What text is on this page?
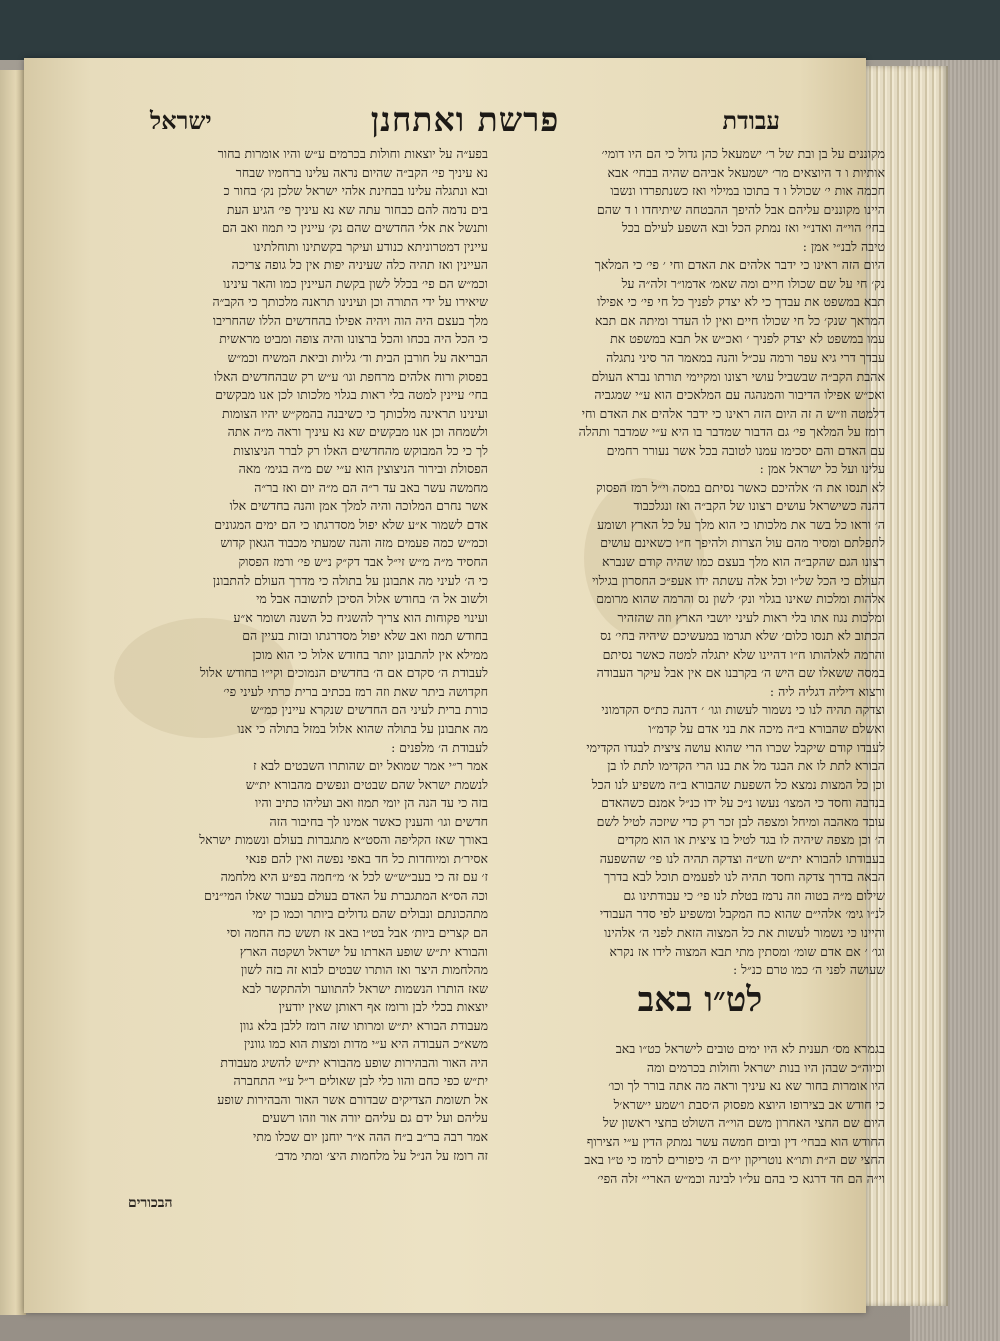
עבודת
פרשת ואתחנן
ישראל
מקוננים על בן ובת של ר׳ ישמעאל כהן גדול כי הם היו דומי׳
אותיות ו ד היוצאים מר׳ ישמעאל אביהם שהיה בבחי׳ אבא
חכמה אות י׳ שכולל ו ד בתוכו במילוי ואז כשנתפרדו ונשבו
היינו מקוננים עליהם אבל להיפך ההבטחה שיתיחדו ו ד שהם
בחי׳ הוי״ה ואדנ״י ואז נמתק הכל ובא השפע לעילם בכל
טיבה לבנ״י אמן :
היום הזה ראינו כי ידבר אלהים את האדם וחי ׳ פי׳ כי המלאך
נק׳ חי על שם שכולו חיים ומה שאמ׳ אדמו״ר זלה״ה על
תבא במשפט את עבדך כי לא יצדק לפניך כל חי פי׳ כי אפילו
המראך שנק׳ כל חי שכולו חיים ואין לו העדר ומיתה אם תבא
עמו במשפט לא יצדק לפניך ׳ ואכ״ש אל תבא במשפט את
עבדך דרי גיא עפר ורמה עכ״ל והנה במאמר הר סיני נתגלה
אהבת הקב״ה שבשביל עושי רצונו ומקיימי תורתו נברא העולם
ואכ״ש אפילו הדיבור והמנהגה עם המלאכים הוא ע״י שמגביה
דלמטה וז״ש ה זה היום הזה ראינו כי ידבר אלהים את האדם וחי
רומז על המלאך פי׳ גם הדבור שמדבר בו היא ע״י שמדבר ותהלה
עם האדם והם יסכימו עמנו לטובה בכל אשר נעורר רחמים
עלינו ועל כל ישראל אמן :
לא תנסו את ה׳ אלהיכם כאשר נסיתם במסה וי״ל רמז הפסוק
דהנה כשישראל עושים רצונו של הקב״ה ואז ונגלכבוד
ה׳ וראו כל בשר את מלכותו כי הוא מלך על כל הארץ ושומע
לתפלתם ומסיר מהם עול הצרות ולהיפך ח״ו כשאינם עושים
רצונו הגם שהקב״ה הוא מלך בעצם כמו שהיה קודם שנברא
העולם כי הכל של״ו וכל אלה עשתה ידו אעפ״כ החסרון בגילוי
אלהות ומלכות שאינו בגלוי ונק׳ לשון נס והרמה שהוא מרומם
ומלכות נגוז אתו בלי ראות לעיני יושבי הארץ וזה שהזהיר
הכתוב לא תנסו כלום׳ שלא תגרמו במעשיכם שיהיה בחי׳ נס
והרמה לאלהותו ח״ו דהיינו שלא יתגלה למטה כאשר נסיתם
במסה ששאלו שם היש ה׳ בקרבנו אם אין אבל עיקר העבודה
ורצוא דיליה דגליה ליה :
וצדקה תהיה לנו כי נשמור לעשות וגו׳ ׳ דהנה כת״ס הקדמוני
ואשלם שהבורא ב״ה מיכה את בני אדם על קדמ״ו
לעבדו קודם שיקבל שכרו הרי שהוא עושה ציצית לבגדו הקדימי
הבורא לתת לו את הבגד מל את בנו הרי הקדימו לתת לו בן
וכן כל המצות נמצא כל השפעת שהבורא ב״ה משפיע לנו הכל
בנדבה וחסד כי המצו׳ נעשו נ״כ על ידו כנ״ל אמנם כשהאדם
עובד מאהבה ומיחל ומצפה לבן זכר רק כדי שיזכה לטיל לשם
ה׳ וכן מצפה שיהיה לו בגד לטיל בו ציצית או הוא מקדים
בעבודתו להבורא ית״ש וזש״ה וצדקה תהיה לנו פי׳ שהשפעה
הבאה בדרך צדקה וחסד תהיה לנו לפעמים תוכל לבא בדרך
שילום מ״ה בטוה וזה נרמז בטלת לנו פי׳ כי עבודתינו גם
לנ״ו גימ׳ אלהי״ם שהוא כח המקבל ומשפיע לפי סדר העבודי
והיינו כי נשמור לעשות את כל המצוה הזאת לפני ה׳ אלהינו
וגו׳ ׳ אם אדם שומ׳ ומסתין מתי תבא המצוה לידו אז נקרא
שעושה לפני ה׳ כמו טרם כנ״ל :
לט״ו באב
בגמרא מס׳ תענית לא היו ימים טובים לישראל כט״ו באב
וכיוה״כ שבהן היו בנות ישראל וחולות בכרמים ומה
היו אומרות בחור שא נא עיניך וראה מה אתה בורר לך וכו׳
כי חודש אב בצירופו היוצא מפסוק ה׳סבת ו׳שמע י׳שרא׳ל
היום שם החצי האחרון משם הוי״ה השולט בחצי ראשון של
החודש הוא בבחי׳ דין וביום חמשה עשר נמתק הדין ע״י הצירוף
החצי שם ה״ת ותו״א נוטריקון יו״ם ה׳ כיפורים לרמז כי ט״ו באב
וי״ה הם חד דרגא כי בהם על״ו לבינה וכמ״ש הארי״ זלה הפי׳
בפע״ה על יוצאות וחולות בכרמים ע״ש והיו אומרות בחור
נא עיניך פי׳ הקב״ה שהיום נראה עלינו ברחמיו שבחר
ובא ונתגלה עלינו בבחינת אלהי ישראל שלכן נק׳ בחור כ
בים נדמה להם כבחור עתה שא נא עיניך פי׳ הגיע העת
ותנשל את אלי החדשים שהם נק׳ עיינין כי תמוז ואב הם
עיינין דמטרוניתא כנודע ועיקר בקשתינו ותוחלתינו
העיינין ואז תהיה כלה שעיניה יפות אין כל גופה צריכה
וכמ״ש הם פי׳ בכלל לשון בקשת העיינין כמו והאר עינינו
שיאירו על ידי התורה וכן ועינינו תראנה מלכותך כי הקב״ה
מלך בעצם היה הוה ויהיה אפילו בהחדשים הללו שהחריבו
כי הכל היה בכחו והכל ברצונו והיה צופה ומביט מראשית
הבריאה על חורבן הבית וד׳ גליות וביאת המשיח וכמ״ש
בפסוק ורוח אלהים מרחפת וגו׳ ע״ש רק שבהחדשים האלו
בחי׳ עיינין למטה בלי ראות בגלוי מלכותו לכן אנו מבקשים
ועינינו תראינה מלכותך כי כשיבנה בהמק״ש יהיו הצומות
ולשמחה וכן אנו מבקשים שא נא עיניך וראה מ״ה אתה
לך כי כל המבוקש מהחדשים האלו רק לברר הניצוצות
הפסולת ובירור הניצוצין הוא ע״י שם מ״ה בגימ׳ מאה
מחמשה עשר באב עד ר״ה הם מ״ה יום ואז בר״ה
אשר נחרם המלוכה והיה למלך אמן והנה בחדשים אלו
אדם לשמור א״ע שלא יפול מסדרגתו כי הם ימים המגונים
וכמ״ש כמה פעמים מזה והנה שמעתי מכבוד הגאון קדוש
החסיד מ״ה מ״ש זי״ל אבד דק״ק נ״ש פי׳ ורמז הפסוק
כי ה׳ לעיני מה אתבונן על בתולה כי מדרך העולם להתבונן
ולשוב אל ה׳ בחודש אלול הסיכן לתשובה אבל מי
ועינוי פקוחות הוא צריך להשגיח כל השנה ושומר א״ע
בחודש תמוז ואב שלא יפול מסדרגתו ובזות בעיין הם
ממילא אין להתבונן יותר בחודש אלול כי הוא מוכן
לעבודת ה׳ סקדם אם ה׳ בחדשים הנמוכים וקי״ו בחודש אלול
חקדושה ביתר שאת וזה רמז בכתיב ברית כרתי לעיני פי׳
כורת ברית לעיני הם החדשים שנקרא עיינין כמ״ש
מה אתבונן על בתולה שהוא אלול במזל בתולה כי אנו
לעבודת ה׳ מלפנים :
אמר ר״י אמר שמואל יום שהותרו השבטים לבא ז
לנשמת ישראל שהם שבטים ונפשים מהבורא ית״ש
בזה כי עד הנה הן יומי תמוז ואב ועליהו כתיב והיו
חדשים וגו׳ והענין כאשר אמינו לך בחיבור הזה
באורך שאז הקליפה והסט״א מתגברות בעולם ונשמות ישראל
אסיר׳ת ומיוחדות כל חד באפי נפשה ואין להם פנאי
ז׳ עם זה כי בעב״ש״ש לכל א׳ מ״חמה בפ״ע היא מלחמה
וכה הס״א המתגברת על האדם בעולם בעבור שאלו המי״נים
מתהכונתם ונבולים שהם גדולים ביותר וכמו כן ימי
הם קצרים ביות׳ אבל בט״ו באב אז תשש כח החמה וסי
והבורא ית״ש שופע הארתו על ישראל ושקטה הארץ
מהלחמות היצר ואז הותרו שבטים לבוא זה בזה לשון
שאז הותרו הנשמות ישראל להתווער ולהתקשר לבא
יוצאות בכלי לבן ורומז אף ראותן שאין יודעין
מעבודת הבורא ית״ש ומרותו שזה רומז ללבן בלא גוון
משא״כ העבודה היא ע״י מדות ומצות הוא כמו גוונין
היה האור והבהירות שופע מהבורא ית״ש להשיג מעבודת
ית״ש כפי כחם והוו כלי לבן שאולים ר״ל ע״י התחברה
אל תשומת הצדיקים שבדורם אשר האור והבהירות שופע
עליהם ועל ידם גם עליהם יורה אור וזהו רשעים
אמר רבה בר״ב ב״ח ההה א״ר יוחנן יום שכלו מתי
זה רומז על הנ״ל על מלחמות היצ׳ ומתי מדב׳
הבכורים
